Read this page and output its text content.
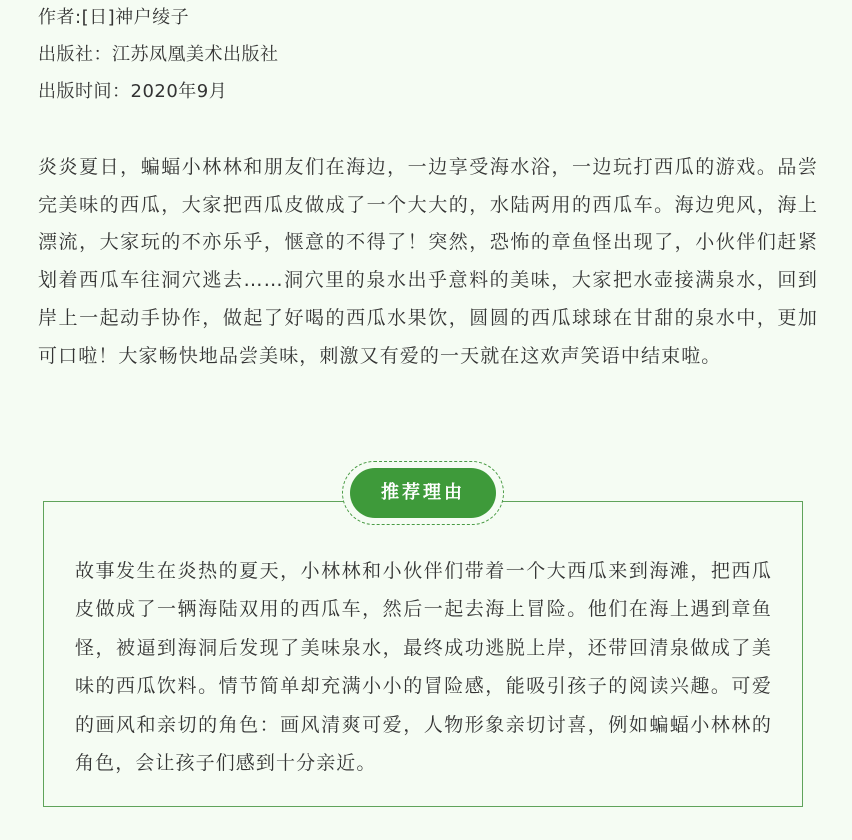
作者:[日]神户绫子
出版社：江苏凤凰美术出版社
出版时间：2020年9月

炎炎夏日，蝙蝠小林林和朋友们在海边，一边享受海水浴，一边玩打西瓜的游戏。品尝完美味的西瓜，大家把西瓜皮做成了一个大大的，水陆两用的西瓜车。海边兜风，海上漂流，大家玩的不亦乐乎，惬意的不得了！突然，恐怖的章鱼怪出现了，小伙伴们赶紧划着西瓜车往洞穴逃去……洞穴里的泉水出乎意料的美味，大家把水壶接满泉水，回到岸上一起动手协作，做起了好喝的西瓜水果饮，圆圆的西瓜球球在甘甜的泉水中，更加可口啦！大家畅快地品尝美味，刺激又有爱的一天就在这欢声笑语中结束啦。

故事发生在炎热的夏天，小林林和小伙伴们带着一个大西瓜来到海滩，把西瓜皮做成了一辆海陆双用的西瓜车，然后一起去海上冒险。他们在海上遇到章鱼怪，被逼到海洞后发现了美味泉水，最终成功逃脱上岸，还带回清泉做成了美味的西瓜饮料。情节简单却充满小小的冒险感，能吸引孩子的阅读兴趣。可爱的画风和亲切的角色：画风清爽可爱，人物形象亲切讨喜，例如蝙蝠小林林的角色，会让孩子们感到十分亲近。

推荐理由
